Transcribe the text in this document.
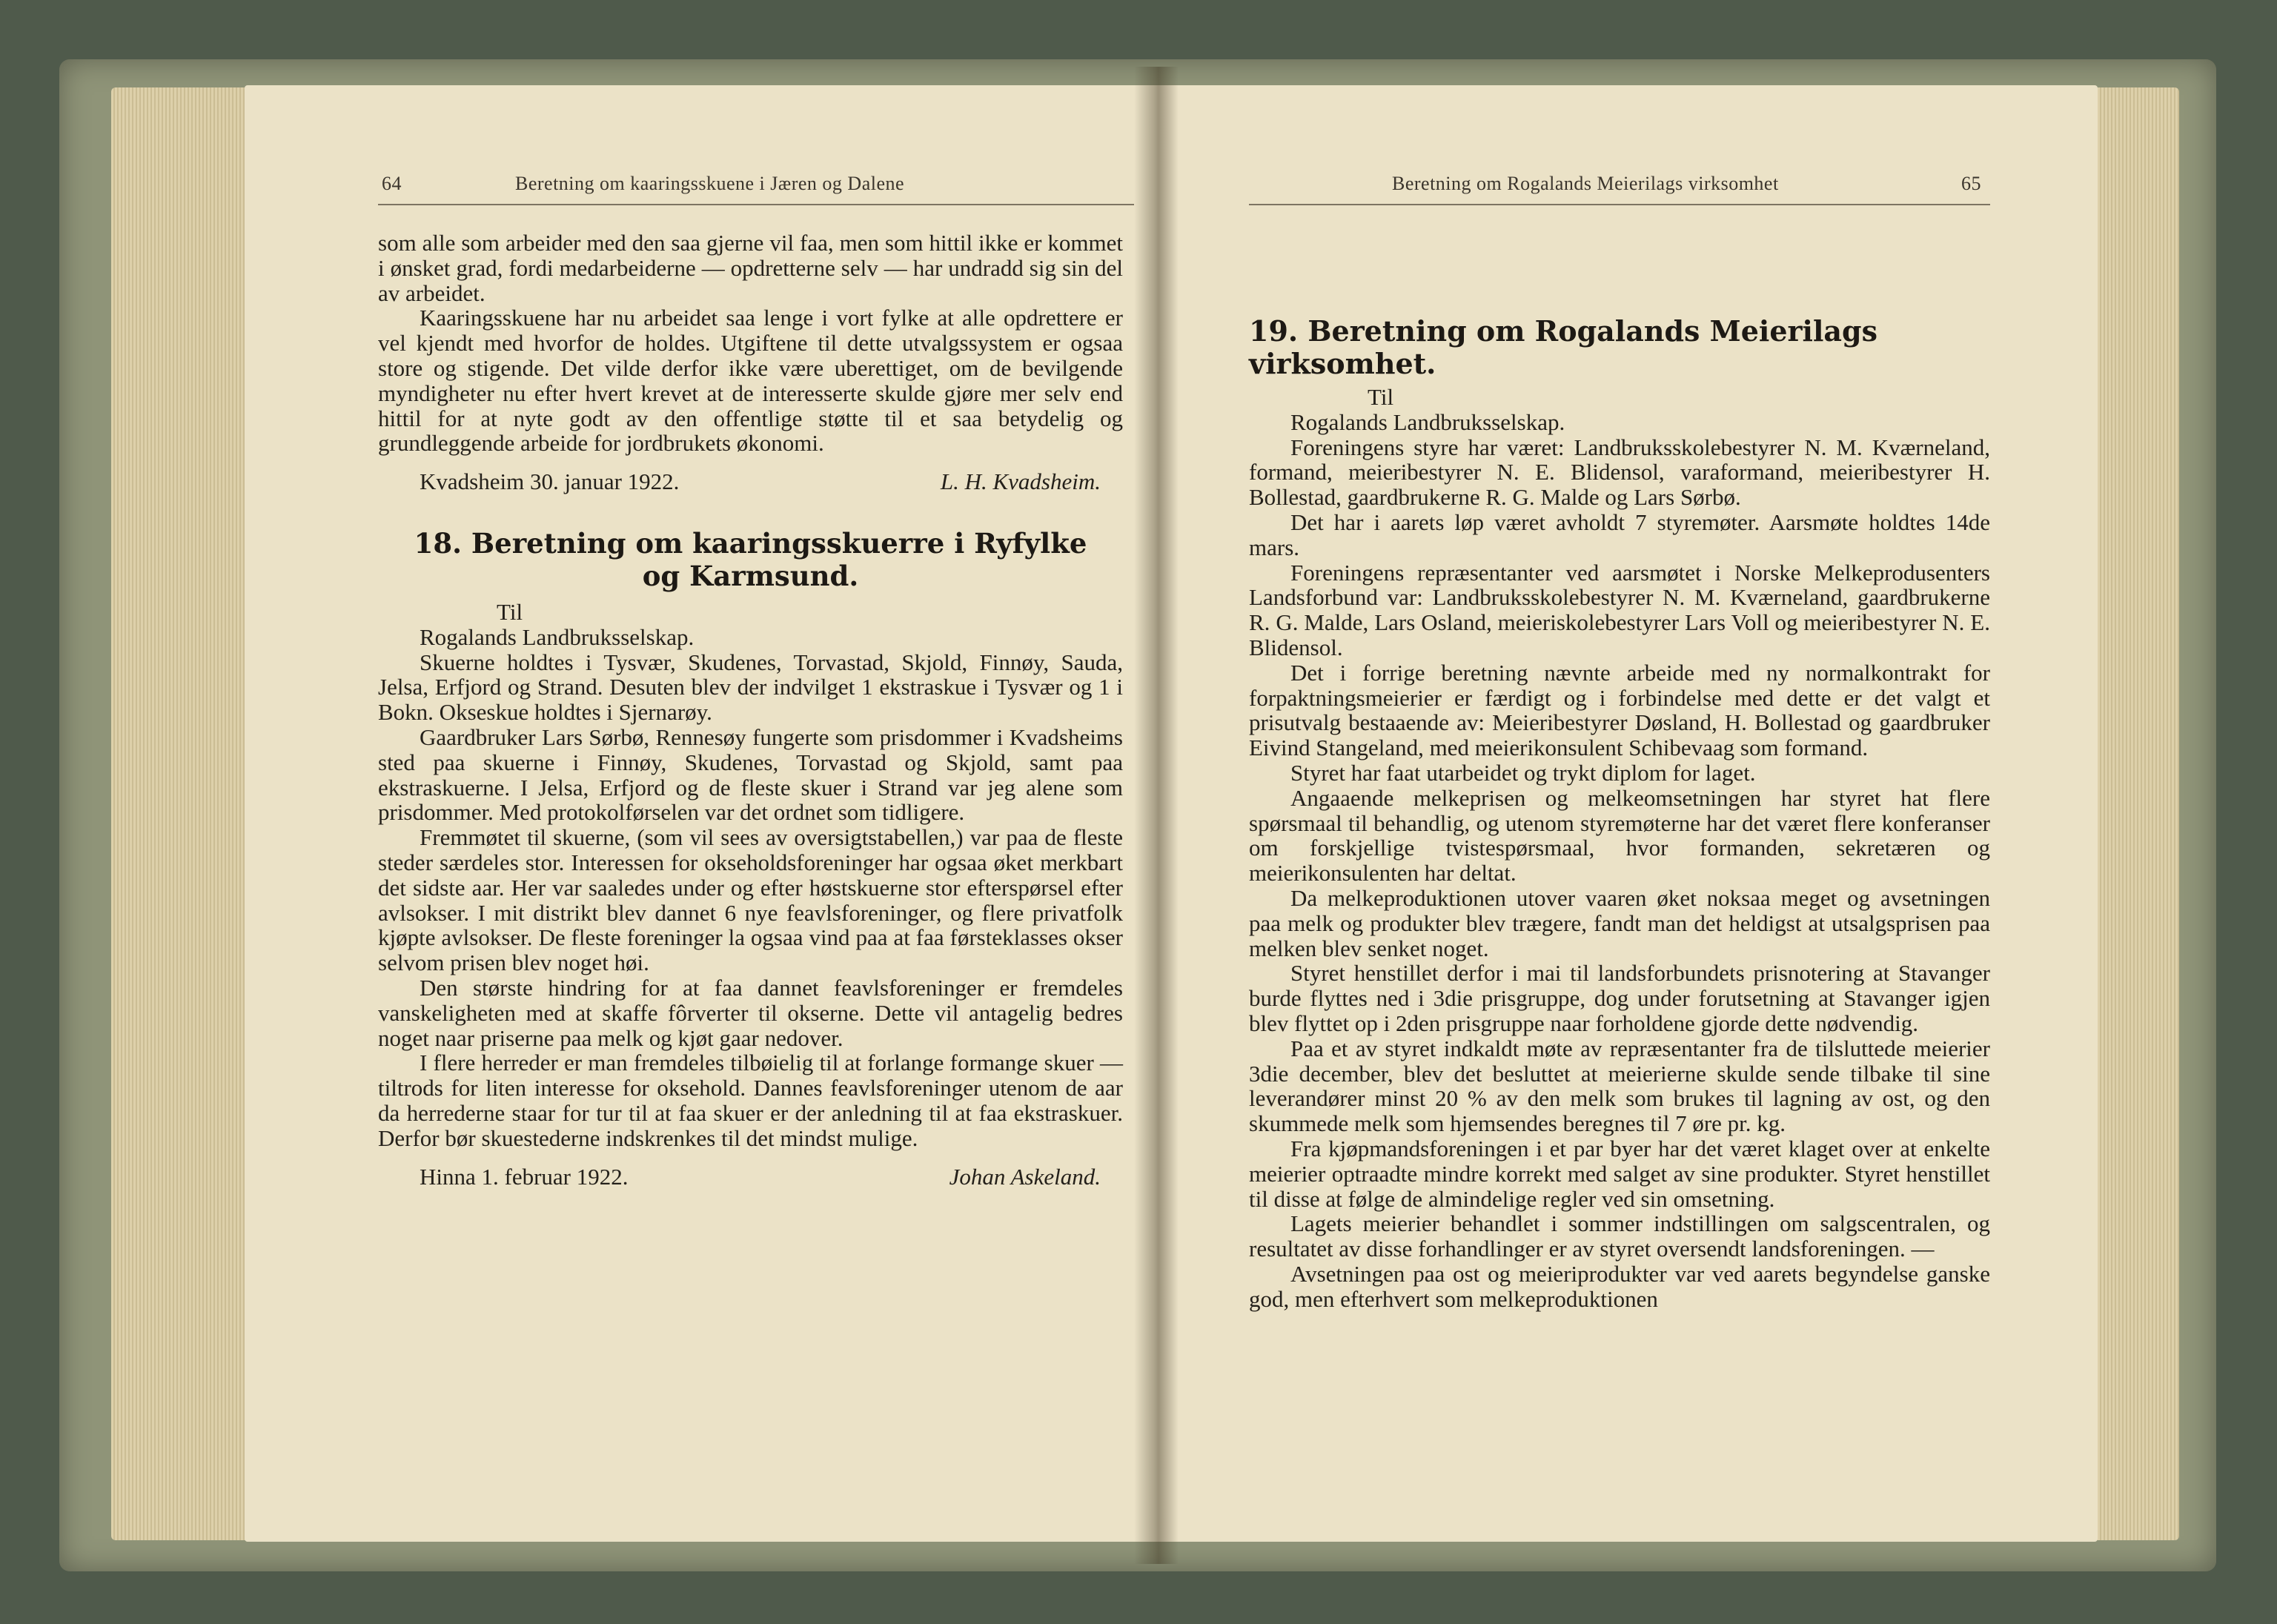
64	Beretning om kaaringsskuene i Jæren og Dalene

som alle som arbeider med den saa gjerne vil faa, men som hittil ikke er kommet i ønsket grad, fordi medarbeiderne — opdretterne selv — har undradd sig sin del av arbeidet.

Kaaringsskuene har nu arbeidet saa lenge i vort fylke at alle opdrettere er vel kjendt med hvorfor de holdes. Utgiftene til dette utvalgssystem er ogsaa store og stigende. Det vilde derfor ikke være uberettiget, om de bevilgende myndigheter nu efter hvert krevet at de interesserte skulde gjøre mer selv end hittil for at nyte godt av den offentlige støtte til et saa betydelig og grundleggende arbeide for jordbrukets økonomi.

Kvadsheim 30. januar 1922.	L. H. Kvadsheim.
18. Beretning om kaaringsskuerre i Ryfylke
og Karmsund.

Til

Rogalands Landbruksselskap.

Skuerne holdtes i Tysvær, Skudenes, Torvastad, Skjold, Finnøy, Sauda, Jelsa, Erfjord og Strand. Desuten blev der indvilget 1 ekstraskue i Tysvær og 1 i Bokn. Okseskue holdtes i Sjernarøy.

Gaardbruker Lars Sørbø, Rennesøy fungerte som prisdommer i Kvadsheims sted paa skuerne i Finnøy, Skudenes, Torvastad og Skjold, samt paa ekstraskuerne. I Jelsa, Erfjord og de fleste skuer i Strand var jeg alene som prisdommer. Med protokolførselen var det ordnet som tidligere.

Fremmøtet til skuerne, (som vil sees av oversigtstabellen,) var paa de fleste steder særdeles stor. Interessen for okseholdsforeninger har ogsaa øket merkbart det sidste aar. Her var saaledes under og efter høstskuerne stor efterspørsel efter avlsokser. I mit distrikt blev dannet 6 nye feavlsforeninger, og flere privatfolk kjøpte avlsokser. De fleste foreninger la ogsaa vind paa at faa førsteklasses okser selvom prisen blev noget høi.

Den største hindring for at faa dannet feavlsforeninger er fremdeles vanskeligheten med at skaffe fôrverter til okserne. Dette vil antagelig bedres noget naar priserne paa melk og kjøt gaar nedover.

I flere herreder er man fremdeles tilbøielig til at forlange formange skuer — tiltrods for liten interesse for oksehold. Dannes feavlsforeninger utenom de aar da herrederne staar for tur til at faa skuer er der anledning til at faa ekstraskuer. Derfor bør skuestederne indskrenkes til det mindst mulige.

Hinna 1. februar 1922.	Johan Askeland.
Beretning om Rogalands Meierilags virksomhet	65
19. Beretning om Rogalands Meierilags virksomhet.

Til

Rogalands Landbruksselskap.

Foreningens styre har været: Landbruksskolebestyrer N. M. Kværneland, formand, meieribestyrer N. E. Blidensol, varaformand, meieribestyrer H. Bollestad, gaardbrukerne R. G. Malde og Lars Sørbø.

Det har i aarets løp været avholdt 7 styremøter. Aarsmøte holdtes 14de mars.

Foreningens repræsentanter ved aarsmøtet i Norske Melkeprodusenters Landsforbund var: Landbruksskolebestyrer N. M. Kværneland, gaardbrukerne R. G. Malde, Lars Osland, meieriskolebestyrer Lars Voll og meieribestyrer N. E. Blidensol.

Det i forrige beretning nævnte arbeide med ny normalkontrakt for forpaktningsmeierier er færdigt og i forbindelse med dette er det valgt et prisutvalg bestaaende av: Meieribestyrer Døsland, H. Bollestad og gaardbruker Eivind Stangeland, med meierikonsulent Schibevaag som formand.

Styret har faat utarbeidet og trykt diplom for laget.

Angaaende melkeprisen og melkeomsetningen har styret hat flere spørsmaal til behandlig, og utenom styremøterne har det været flere konferanser om forskjellige tvistespørsmaal, hvor formanden, sekretæren og meierikonsulenten har deltat.

Da melkeproduktionen utover vaaren øket noksaa meget og avsetningen paa melk og produkter blev trægere, fandt man det heldigst at utsalgsprisen paa melken blev senket noget.

Styret henstillet derfor i mai til landsforbundets prisnotering at Stavanger burde flyttes ned i 3die prisgruppe, dog under forutsetning at Stavanger igjen blev flyttet op i 2den prisgruppe naar forholdene gjorde dette nødvendig.

Paa et av styret indkaldt møte av repræsentanter fra de tilsluttede meierier 3die december, blev det besluttet at meierierne skulde sende tilbake til sine leverandører minst 20 % av den melk som brukes til lagning av ost, og den skummede melk som hjemsendes beregnes til 7 øre pr. kg.

Fra kjøpmandsforeningen i et par byer har det været klaget over at enkelte meierier optraadte mindre korrekt med salget av sine produkter. Styret henstillet til disse at følge de almindelige regler ved sin omsetning.

Lagets meierier behandlet i sommer indstillingen om salgscentralen, og resultatet av disse forhandlinger er av styret oversendt landsforeningen. —

Avsetningen paa ost og meieriprodukter var ved aarets begyndelse ganske god, men efterhvert som melkeproduktionen
